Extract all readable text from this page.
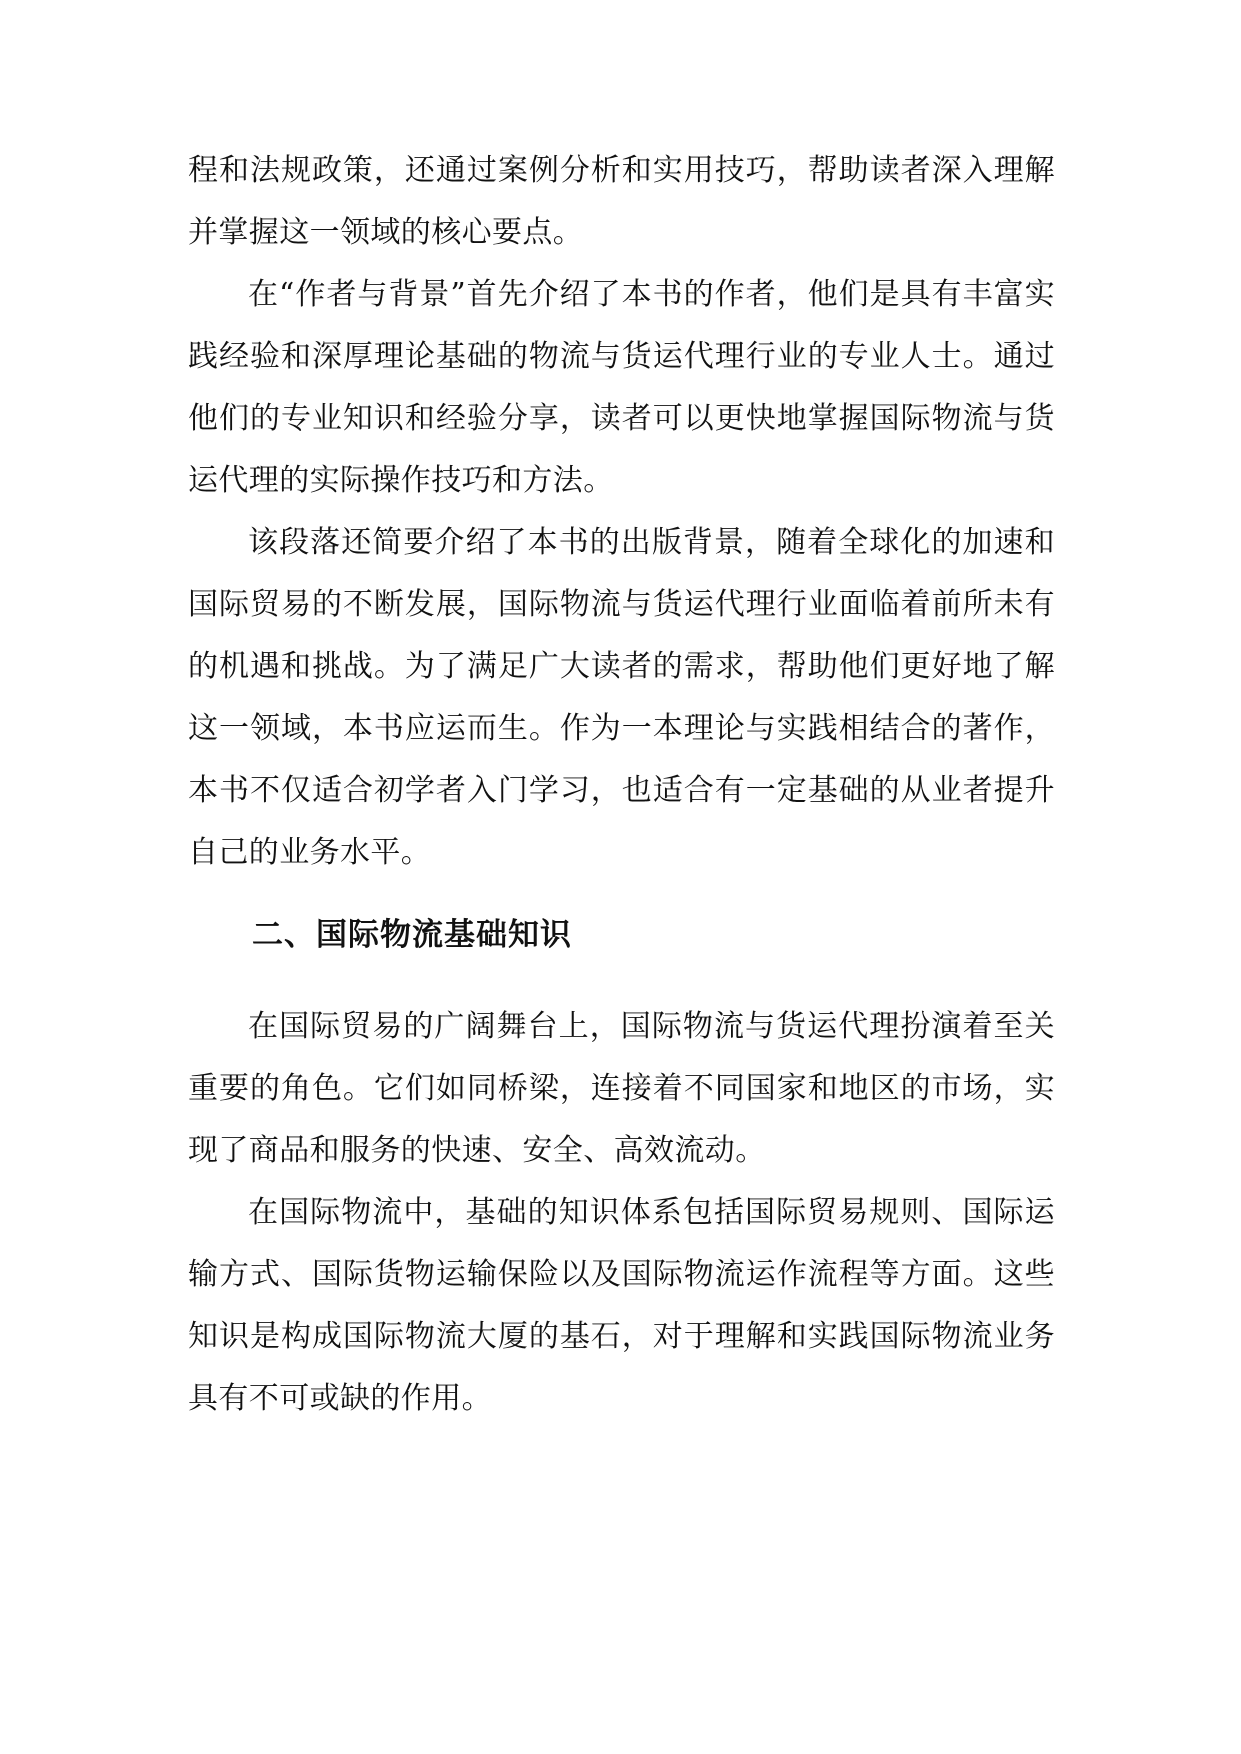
程和法规政策，还通过案例分析和实用技巧，帮助读者深入理解并掌握这一领域的核心要点。

在“作者与背景”首先介绍了本书的作者，他们是具有丰富实践经验和深厚理论基础的物流与货运代理行业的专业人士。通过他们的专业知识和经验分享，读者可以更快地掌握国际物流与货运代理的实际操作技巧和方法。

该段落还简要介绍了本书的出版背景，随着全球化的加速和国际贸易的不断发展，国际物流与货运代理行业面临着前所未有的机遇和挑战。为了满足广大读者的需求，帮助他们更好地了解这一领域，本书应运而生。作为一本理论与实践相结合的著作，本书不仅适合初学者入门学习，也适合有一定基础的从业者提升自己的业务水平。

二、国际物流基础知识

在国际贸易的广阔舞台上，国际物流与货运代理扮演着至关重要的角色。它们如同桥梁，连接着不同国家和地区的市场，实现了商品和服务的快速、安全、高效流动。

在国际物流中，基础的知识体系包括国际贸易规则、国际运输方式、国际货物运输保险以及国际物流运作流程等方面。这些知识是构成国际物流大厦的基石，对于理解和实践国际物流业务具有不可或缺的作用。
